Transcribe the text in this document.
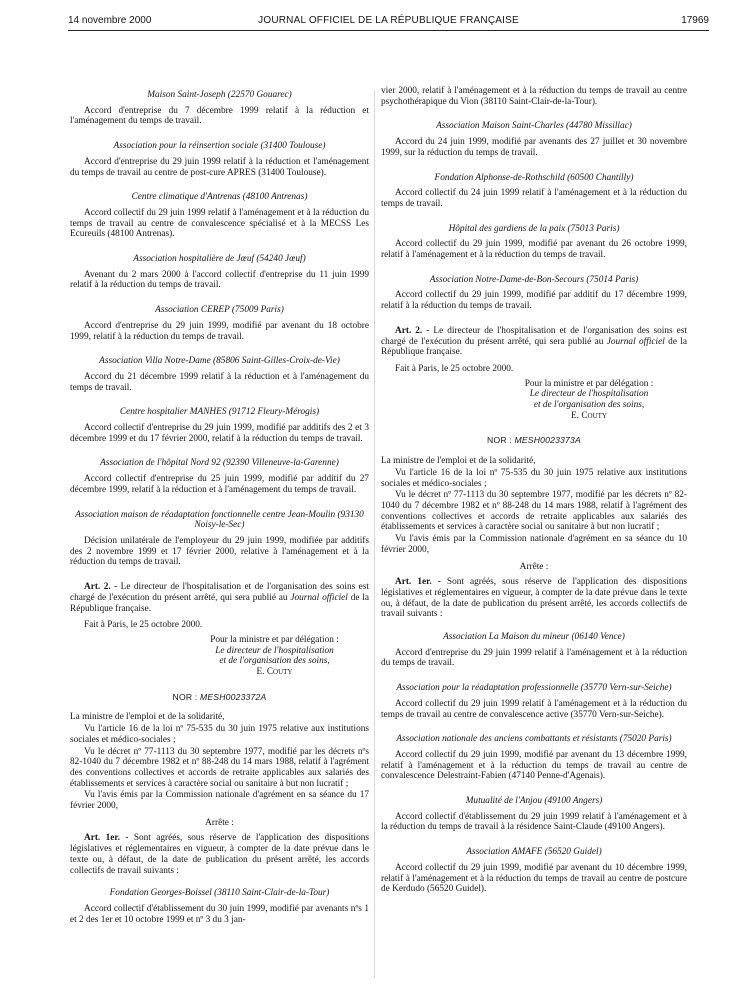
14 novembre 2000	JOURNAL OFFICIEL DE LA RÉPUBLIQUE FRANÇAISE	17969
Maison Saint-Joseph (22570 Gouarec)
Accord d'entreprise du 7 décembre 1999 relatif à la réduction et l'aménagement du temps de travail.
Association pour la réinsertion sociale (31400 Toulouse)
Accord d'entreprise du 29 juin 1999 relatif à la réduction et l'aménagement du temps de travail au centre de post-cure APRES (31400 Toulouse).
Centre climatique d'Antrenas (48100 Antrenas)
Accord collectif du 29 juin 1999 relatif à l'aménagement et à la réduction du temps de travail au centre de convalescence spécialisé et à la MECSS Les Ecureuils (48100 Antrenas).
Association hospitalière de Jœuf (54240 Jœuf)
Avenant du 2 mars 2000 à l'accord collectif d'entreprise du 11 juin 1999 relatif à la réduction du temps de travail.
Association CEREP (75009 Paris)
Accord d'entreprise du 29 juin 1999, modifié par avenant du 18 octobre 1999, relatif à la réduction du temps de travail.
Association Villa Notre-Dame (85806 Saint-Gilles-Croix-de-Vie)
Accord du 21 décembre 1999 relatif à la réduction et à l'aménagement du temps de travail.
Centre hospitalier MANHES (91712 Fleury-Mérogis)
Accord collectif d'entreprise du 29 juin 1999, modifié par additifs des 2 et 3 décembre 1999 et du 17 février 2000, relatif à la réduction du temps de travail.
Association de l'hôpital Nord 92 (92390 Villeneuve-la-Garenne)
Accord collectif d'entreprise du 25 juin 1999, modifié par additif du 27 décembre 1999, relatif à la réduction et à l'aménagement du temps de travail.
Association maison de réadaptation fonctionnelle centre Jean-Moulin (93130 Noisy-le-Sec)
Décision unilatérale de l'employeur du 29 juin 1999, modifiée par additifs des 2 novembre 1999 et 17 février 2000, relative à l'aménagement et à la réduction du temps de travail.
Art. 2. - Le directeur de l'hospitalisation et de l'organisation des soins est chargé de l'exécution du présent arrêté, qui sera publié au Journal officiel de la République française.
Fait à Paris, le 25 octobre 2000.
Pour la ministre et par délégation :
Le directeur de l'hospitalisation
et de l'organisation des soins,
E. Couty
NOR : MESH0023372A
La ministre de l'emploi et de la solidarité,
Vu l'article 16 de la loi nº 75-535 du 30 juin 1975 relative aux institutions sociales et médico-sociales ;
Vu le décret nº 77-1113 du 30 septembre 1977, modifié par les décrets nºs 82-1040 du 7 décembre 1982 et nº 88-248 du 14 mars 1988, relatif à l'agrément des conventions collectives et accords de retraite applicables aux salariés des établissements et services à caractère social ou sanitaire à but non lucratif ;
Vu l'avis émis par la Commission nationale d'agrément en sa séance du 17 février 2000,
Arrête :
Art. 1er. - Sont agréés, sous réserve de l'application des dispositions législatives et réglementaires en vigueur, à compter de la date prévue dans le texte ou, à défaut, de la date de publication du présent arrêté, les accords collectifs de travail suivants :
Fondation Georges-Boissel (38110 Saint-Clair-de-la-Tour)
Accord collectif d'établissement du 30 juin 1999, modifié par avenants nºs 1 et 2 des 1er et 10 octobre 1999 et nº 3 du 3 jan-
vier 2000, relatif à l'aménagement et à la réduction du temps de travail au centre psychothérapique du Vion (38110 Saint-Clair-de-la-Tour).
Association Maison Saint-Charles (44780 Missillac)
Accord du 24 juin 1999, modifié par avenants des 27 juillet et 30 novembre 1999, sur la réduction du temps de travail.
Fondation Alphonse-de-Rothschild (60500 Chantilly)
Accord collectif du 24 juin 1999 relatif à l'aménagement et à la réduction du temps de travail.
Hôpital des gardiens de la paix (75013 Paris)
Accord collectif du 29 juin 1999, modifié par avenant du 26 octobre 1999, relatif à l'aménagement et à la réduction du temps de travail.
Association Notre-Dame-de-Bon-Secours (75014 Paris)
Accord collectif du 29 juin 1999, modifié par additif du 17 décembre 1999, relatif à la réduction du temps de travail.
Art. 2. - Le directeur de l'hospitalisation et de l'organisation des soins est chargé de l'exécution du présent arrêté, qui sera publié au Journal officiel de la République française.
Fait à Paris, le 25 octobre 2000.
Pour la ministre et par délégation :
Le directeur de l'hospitalisation
et de l'organisation des soins,
E. Couty
NOR : MESH0023373A
La ministre de l'emploi et de la solidarité,
Vu l'article 16 de la loi nº 75-535 du 30 juin 1975 relative aux institutions sociales et médico-sociales ;
Vu le décret nº 77-1113 du 30 septembre 1977, modifié par les décrets nº 82-1040 du 7 décembre 1982 et nº 88-248 du 14 mars 1988, relatif à l'agrément des conventions collectives et accords de retraite applicables aux salariés des établissements et services à caractère social ou sanitaire à but non lucratif ;
Vu l'avis émis par la Commission nationale d'agrément en sa séance du 10 février 2000,
Arrête :
Art. 1er. - Sont agréés, sous réserve de l'application des dispositions législatives et réglementaires en vigueur, à compter de la date prévue dans le texte ou, à défaut, de la date de publication du présent arrêté, les accords collectifs de travail suivants :
Association La Maison du mineur (06140 Vence)
Accord d'entreprise du 29 juin 1999 relatif à l'aménagement et à la réduction du temps de travail.
Association pour la réadaptation professionnelle (35770 Vern-sur-Seiche)
Accord collectif du 29 juin 1999 relatif à l'aménagement et à la réduction du temps de travail au centre de convalescence active (35770 Vern-sur-Seiche).
Association nationale des anciens combattants et résistants (75020 Paris)
Accord collectif du 29 juin 1999, modifié par avenant du 13 décembre 1999, relatif à l'aménagement et à la réduction du temps de travail au centre de convalescence Delestraint-Fabien (47140 Penne-d'Agenais).
Mutualité de l'Anjou (49100 Angers)
Accord collectif d'établissement du 29 juin 1999 relatif à l'aménagement et à la réduction du temps de travail à la résidence Saint-Claude (49100 Angers).
Association AMAFE (56520 Guidel)
Accord collectif du 29 juin 1999, modifié par avenant du 10 décembre 1999, relatif à l'aménagement et à la réduction du temps de travail au centre de postcure de Kerdudo (56520 Guidel).
